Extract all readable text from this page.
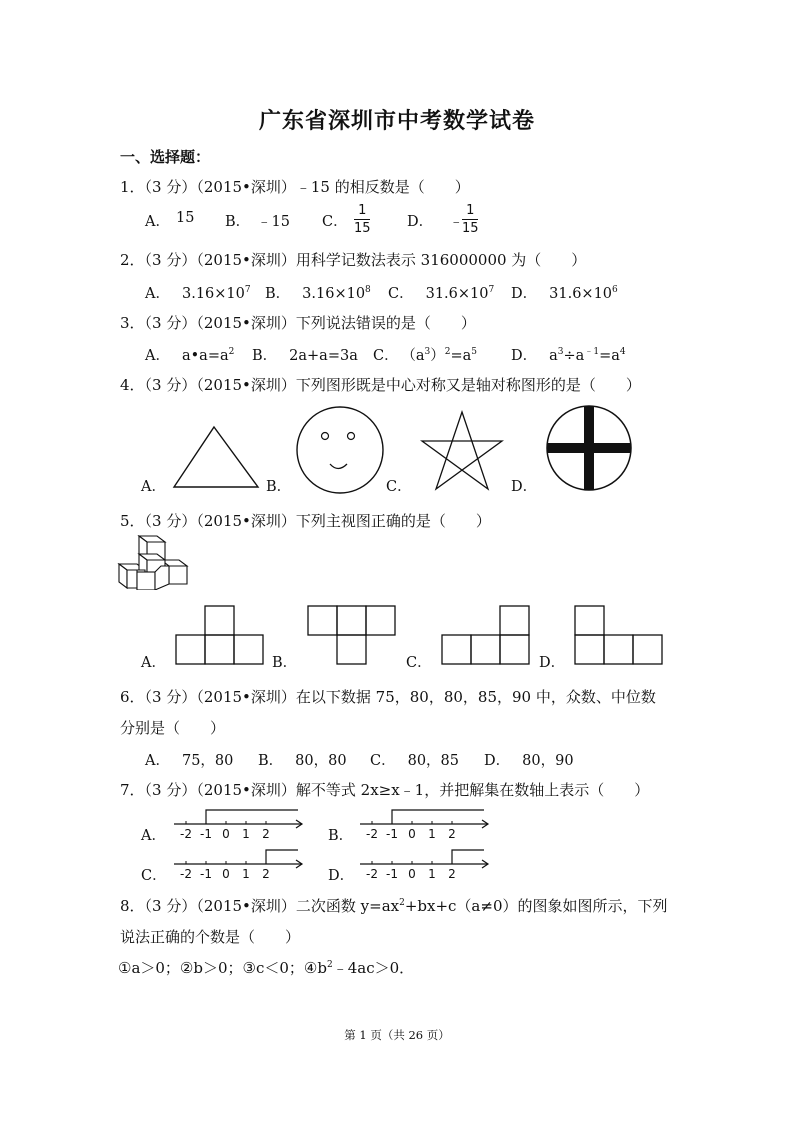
广东省深圳市中考数学试卷
一、选择题：
1．（3 分）（2015•深圳）﹣15 的相反数是（　　）
A． 15 B． ﹣15 C． $\frac{1}{15}$	D． ﹣
$\frac{1}{15}$
2．（3 分）（2015•深圳）用科学记数法表示 316000000 为（　　）
A． $3.16\times 10^7$ B． $3.16\times 10^8$ C． $31.6\times 10^7$ D． $31.6\times 10^6$
3．（3 分）（2015•深圳）下列说法错误的是（　　）
A． $a•a=a^2$ B． 2a+a=3a C． $(a^3)^2=a^5$ D． $a^3\div a^{﹣1}=a^4$
4．（3 分）（2015•深圳）下列图形既是中心对称又是轴对称图形的是（　　）
A．	B．	C．	D．
5．（3 分）（2015•深圳）下列主视图正确的是（　　）
A．	B．	C．	D．
6．（3 分）（2015•深圳）在以下数据 75，80，80，85，90 中，众数、中位数
分别是（　　）
A． 75，80 B． 80，80 C． 80，85 D． 80，90
7．（3 分）（2015•深圳）解不等式 2x≥x﹣1，并把解集在数轴上表示（　　）
A．	B．
C．	D．
-2 -1 0 1 2	-2 -1 0 1 2
-2 -1 0 1 2	-2 -1 0 1 2
8．（3 分）（2015•深圳）二次函数 $y=ax^2+bx+c(a\ne 0)$的图象如图所示，下列
说法正确的个数是（　　）
①a＞0；②b＞0；③c＜0；$④b^2﹣4ac>0$．
第 1 页（共 26 页）
